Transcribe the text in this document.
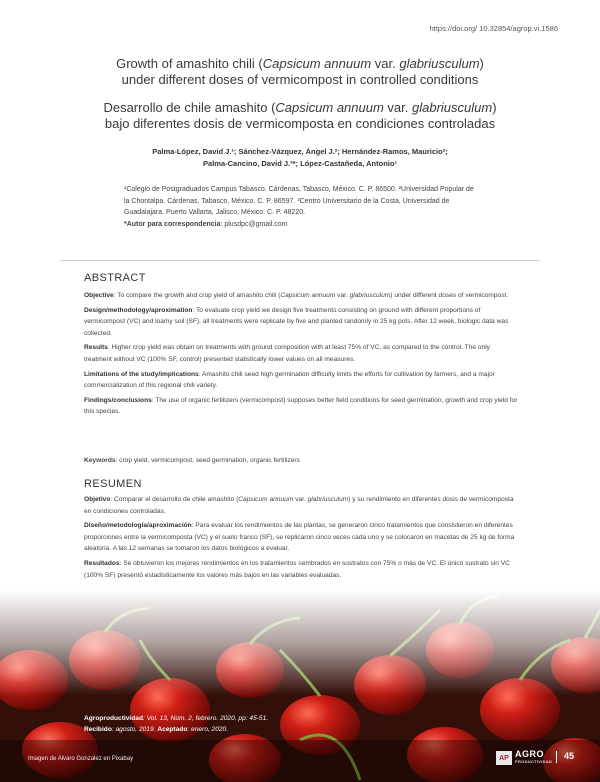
https://doi.org/ 10.32854/agrop.vi.1586
Growth of amashito chili (Capsicum annuum var. glabriusculum)
under different doses of vermicompost in controlled conditions
Desarrollo de chile amashito (Capsicum annuum var. glabriusculum)
bajo diferentes dosis de vermicomposta en condiciones controladas
Palma-López, David J.¹; Sánchez-Vázquez, Ángel J.²; Hernández-Ramos, Mauricio²;
Palma-Cancino, David J.³*; López-Castañeda, Antonio¹
¹Colegio de Postgraduados Campus Tabasco. Cárdenas, Tabasco, México. C. P. 86500. ²Universidad Popular de la Chontalpa. Cárdenas, Tabasco, México. C. P. 86597. ³Centro Universitario de la Costa, Universidad de Guadalajara. Puerto Vallarta, Jalisco, México. C. P. 48220.
*Autor para correspondencia: plusdpc@gmail.com
ABSTRACT

Objective: To compare the growth and crop yield of amashito chili (Capsicum annuum var. glabriusculum) under different doses of vermicompost.

Design/methodology/aproximation: To evaluate crop yield we design five treatments consisting on ground with different proportions of vermicompost (VC) and loamy soil (SF), all treatments were replicate by five and planted randomly in 25 kg pots. After 12 week, biologic data was collected.

Results: Higher crop yield was obtain on treatments with ground composition with at least 75% of VC, as compared to the control. The only treatment without VC (100% SF, control) presented statistically lower values on all measures.

Limitations of the study/implications: Amashito chili seed high germination difficulty limits the efforts for cultivation by farmers, and a major commercialization of this regional chili variety.

Findings/conclusions: The use of organic fertilizers (vermicompost) supposes better field conditions for seed germination, growth and crop yield for this species.

Keywords: crop yield, vermicompost, seed germination, organic fertilizers
RESUMEN

Objetivo: Comparar el desarrollo de chile amashito (Capsicum annuum var. glabriusculum) y su rendimiento en diferentes dosis de vermicomposta en condiciones controladas.

Diseño/metodología/aproximación: Para evaluar los rendimientos de las plantas, se generaron cinco tratamientos que consistieron en diferentes proporciones entre la vermicomposta (VC) y el suelo franco (SF), se replicaron cinco veces cada uno y se colocaron en macetas de 25 kg de forma aleatoria. A las 12 semanas se tomaron los datos biológicos a evaluar.

Resultados: Se obtuvieron los mejores rendimientos en los tratamientos sembrados en sustratos con 75% o más de VC. El único sustrato sin VC (100% SF) presentó estadísticamente los valores más bajos en las variables evaluadas.

Agroproductividad: Vol. 13, Núm. 2, febrero. 2020. pp: 45-51.
Recibido: agosto, 2019. Aceptado: enero, 2020.
Imagen de Alvaro Gonzalez en Pixabay	AP AGRO
PRODUCTIVIDAD
45
